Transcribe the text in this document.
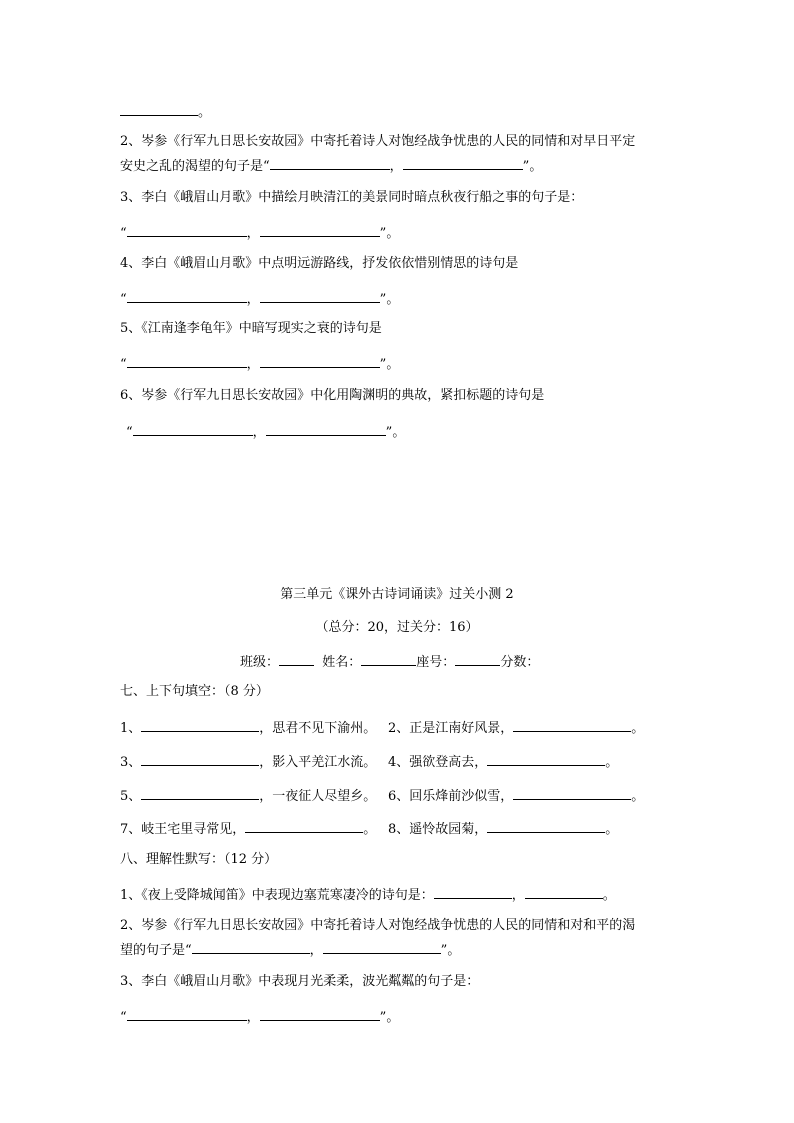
。
2、岑参《行军九日思长安故园》中寄托着诗人对饱经战争忧患的人民的同情和对早日平定
安史之乱的渴望的句子是“	，	”。
3、李白《峨眉山月歌》中描绘月映清江的美景同时暗点秋夜行船之事的句子是：
“	，	”。
4、李白《峨眉山月歌》中点明远游路线，抒发依依惜别情思的诗句是
“	，	”。
5、《江南逢李龟年》中暗写现实之衰的诗句是
“	，	”。
6、岑参《行军九日思长安故园》中化用陶渊明的典故，紧扣标题的诗句是
“	，	”。
第三单元《课外古诗词诵读》过关小测 2
（总分：20，过关分：16）
班级：	姓名：	座号：	分数：
七、上下句填空：（8 分）
1、	，思君不见下渝州。 2、正是江南好风景，	。
3、	，影入平羌江水流。 4、强欲登高去，	。
5、	，一夜征人尽望乡。 6、回乐烽前沙似雪，	。
7、岐王宅里寻常见，	。 8、遥怜故园菊，	。
八、理解性默写：（12 分）
1、《夜上受降城闻笛》中表现边塞荒寒凄冷的诗句是：	，	。
2、岑参《行军九日思长安故园》中寄托着诗人对饱经战争忧患的人民的同情和对和平的渴
望的句子是“	，	”。
3、李白《峨眉山月歌》中表现月光柔柔，波光粼粼的句子是：
“	，	”。
